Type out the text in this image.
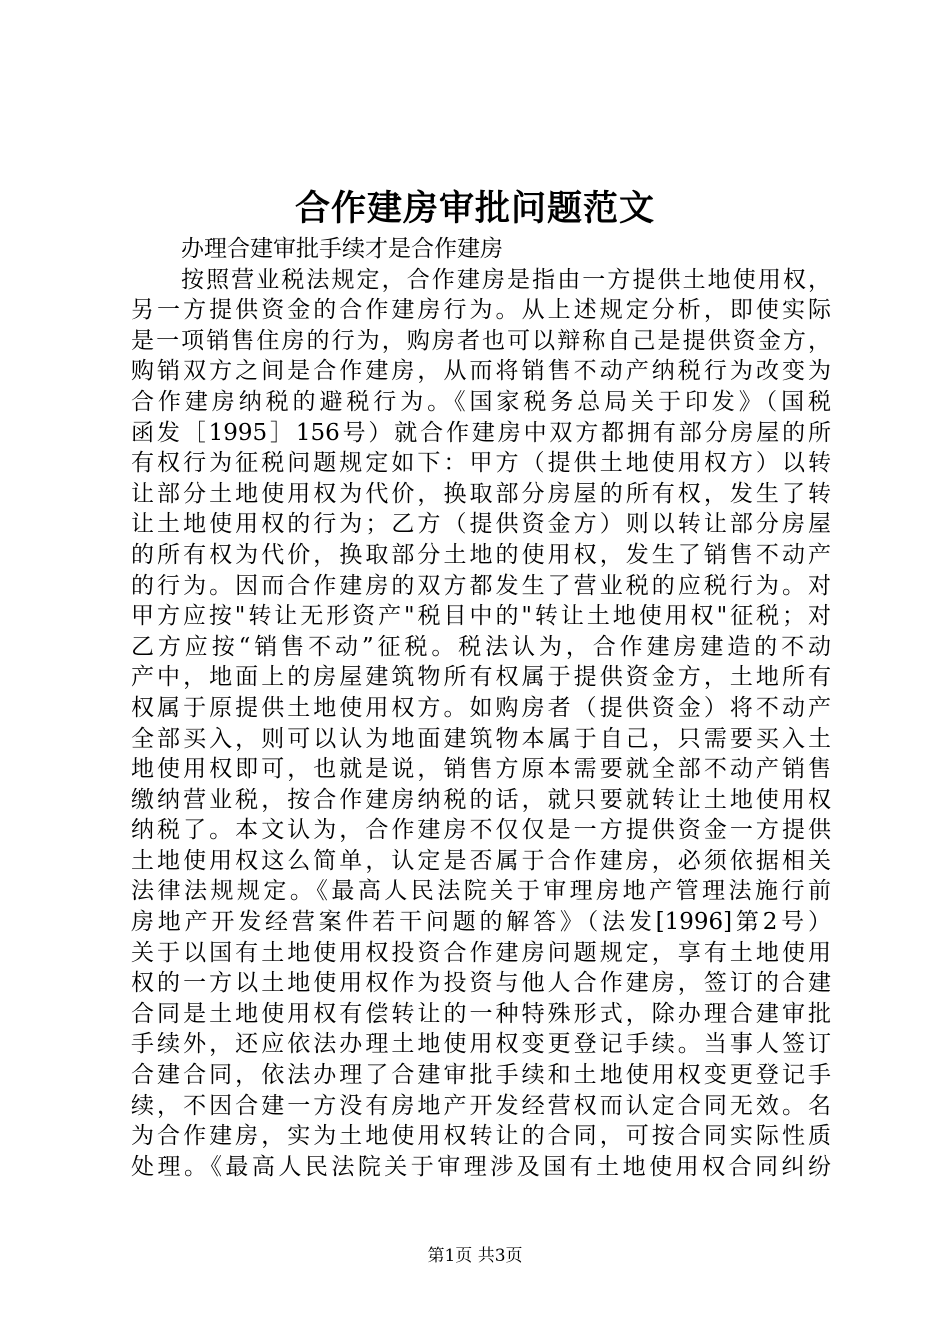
合作建房审批问题范文
办理合建审批手续才是合作建房
按照营业税法规定，合作建房是指由一方提供土地使用权，
另一方提供资金的合作建房行为。从上述规定分析，即使实际
是一项销售住房的行为，购房者也可以辩称自己是提供资金方，
购销双方之间是合作建房，从而将销售不动产纳税行为改变为
合作建房纳税的避税行为。《国家税务总局关于印发》（国税
函发［1995］156号）就合作建房中双方都拥有部分房屋的所
有权行为征税问题规定如下：甲方（提供土地使用权方）以转
让部分土地使用权为代价，换取部分房屋的所有权，发生了转
让土地使用权的行为；乙方（提供资金方）则以转让部分房屋
的所有权为代价，换取部分土地的使用权，发生了销售不动产
的行为。因而合作建房的双方都发生了营业税的应税行为。对
甲方应按"转让无形资产"税目中的"转让土地使用权"征税；对
乙方应按“销售不动”征税。税法认为，合作建房建造的不动
产中，地面上的房屋建筑物所有权属于提供资金方，土地所有
权属于原提供土地使用权方。如购房者（提供资金）将不动产
全部买入，则可以认为地面建筑物本属于自己，只需要买入土
地使用权即可，也就是说，销售方原本需要就全部不动产销售
缴纳营业税，按合作建房纳税的话，就只要就转让土地使用权
纳税了。本文认为，合作建房不仅仅是一方提供资金一方提供
土地使用权这么简单，认定是否属于合作建房，必须依据相关
法律法规规定。《最高人民法院关于审理房地产管理法施行前
房地产开发经营案件若干问题的解答》（法发[1996]第2号）
关于以国有土地使用权投资合作建房问题规定，享有土地使用
权的一方以土地使用权作为投资与他人合作建房，签订的合建
合同是土地使用权有偿转让的一种特殊形式，除办理合建审批
手续外，还应依法办理土地使用权变更登记手续。当事人签订
合建合同，依法办理了合建审批手续和土地使用权变更登记手
续，不因合建一方没有房地产开发经营权而认定合同无效。名
为合作建房，实为土地使用权转让的合同，可按合同实际性质
处理。《最高人民法院关于审理涉及国有土地使用权合同纠纷
第1页 共3页
